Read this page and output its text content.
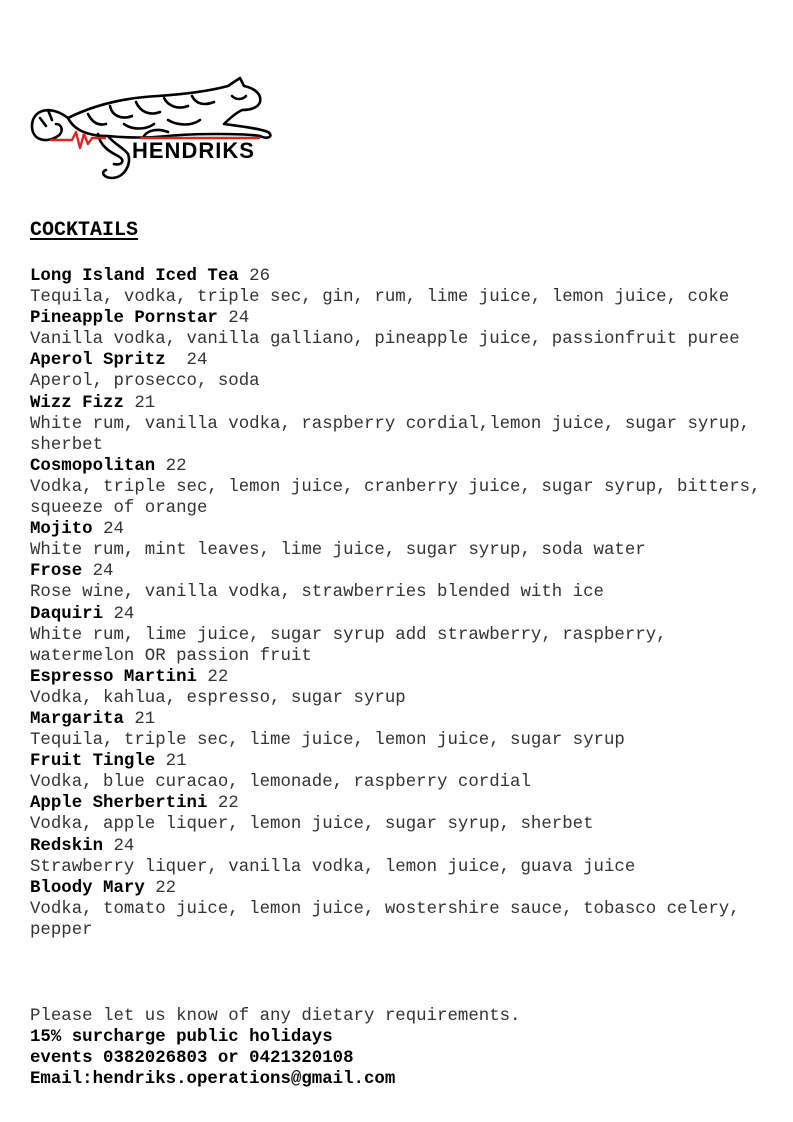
HENDRIKS
COCKTAILS
Long Island Iced Tea 26
Tequila, vodka, triple sec, gin, rum, lime juice, lemon juice, coke
Pineapple Pornstar 24
Vanilla vodka, vanilla galliano, pineapple juice, passionfruit puree
Aperol Spritz  24
Aperol, prosecco, soda
Wizz Fizz 21
White rum, vanilla vodka, raspberry cordial,lemon juice, sugar syrup, sherbet
Cosmopolitan 22
Vodka, triple sec, lemon juice, cranberry juice, sugar syrup, bitters, squeeze of orange
Mojito 24
White rum, mint leaves, lime juice, sugar syrup, soda water
Frose 24
Rose wine, vanilla vodka, strawberries blended with ice
Daquiri 24
White rum, lime juice, sugar syrup add strawberry, raspberry, watermelon OR passion fruit
Espresso Martini 22
Vodka, kahlua, espresso, sugar syrup
Margarita 21
Tequila, triple sec, lime juice, lemon juice, sugar syrup
Fruit Tingle 21
Vodka, blue curacao, lemonade, raspberry cordial
Apple Sherbertini 22
Vodka, apple liquer, lemon juice, sugar syrup, sherbet
Redskin 24
Strawberry liquer, vanilla vodka, lemon juice, guava juice
Bloody Mary 22
Vodka, tomato juice, lemon juice, wostershire sauce, tobasco celery, pepper
Please let us know of any dietary requirements.
15% surcharge public holidays
events 0382026803 or 0421320108
Email:hendriks.operations@gmail.com
